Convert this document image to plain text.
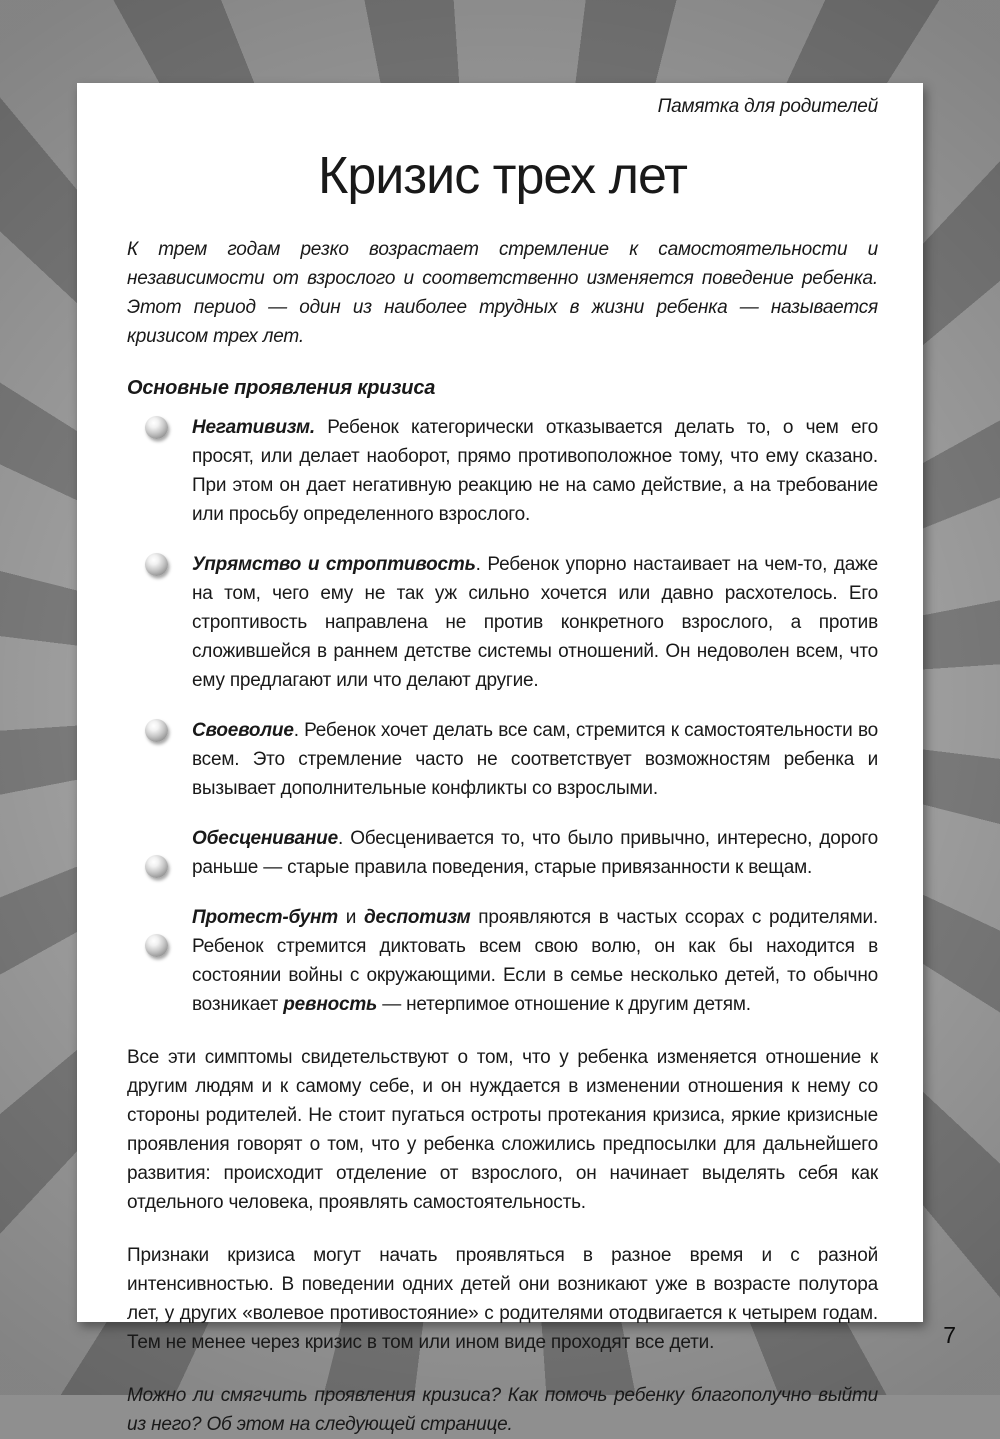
Памятка для родителей
Кризис трех лет

К трем годам резко возрастает стремление к самостоятельности и независимости от взрослого и соответственно изменяется поведение ребенка. Этот период — один из наиболее трудных в жизни ребенка — называется кризисом трех лет.

Основные проявления кризиса
Негативизм. Ребенок категорически отказывается делать то, о чем его просят, или делает наоборот, прямо противоположное тому, что ему сказано. При этом он дает негативную реакцию не на само действие, а на требование или просьбу определенного взрослого.
Упрямство и строптивость. Ребенок упорно настаивает на чем-то, даже на том, чего ему не так уж сильно хочется или давно расхотелось. Его строптивость направлена не против конкретного взрослого, а против сложившейся в раннем детстве системы отношений. Он недоволен всем, что ему предлагают или что делают другие.
Своеволие. Ребенок хочет делать все сам, стремится к самостоятельности во всем. Это стремление часто не соответствует возможностям ребенка и вызывает дополнительные конфликты со взрослыми.
Обесценивание. Обесценивается то, что было привычно, интересно, дорого раньше — старые правила поведения, старые привязанности к вещам.
Протест-бунт и деспотизм проявляются в частых ссорах с родителями. Ребенок стремится диктовать всем свою волю, он как бы находится в состоянии войны с окружающими. Если в семье несколько детей, то обычно возникает ревность — нетерпимое отношение к другим детям.

Все эти симптомы свидетельствуют о том, что у ребенка изменяется отношение к другим людям и к самому себе, и он нуждается в изменении отношения к нему со стороны родителей. Не стоит пугаться остроты протекания кризиса, яркие кризисные проявления говорят о том, что у ребенка сложились предпосылки для дальнейшего развития: происходит отделение от взрослого, он начинает выделять себя как отдельного человека, проявлять самостоятельность.

Признаки кризиса могут начать проявляться в разное время и с разной интенсивностью. В поведении одних детей они возникают уже в возрасте полутора лет, у других «волевое противостояние» с родителями отодвигается к четырем годам. Тем не менее через кризис в том или ином виде проходят все дети.

Можно ли смягчить проявления кризиса? Как помочь ребенку благополучно выйти из него? Об этом на следующей странице.

7
